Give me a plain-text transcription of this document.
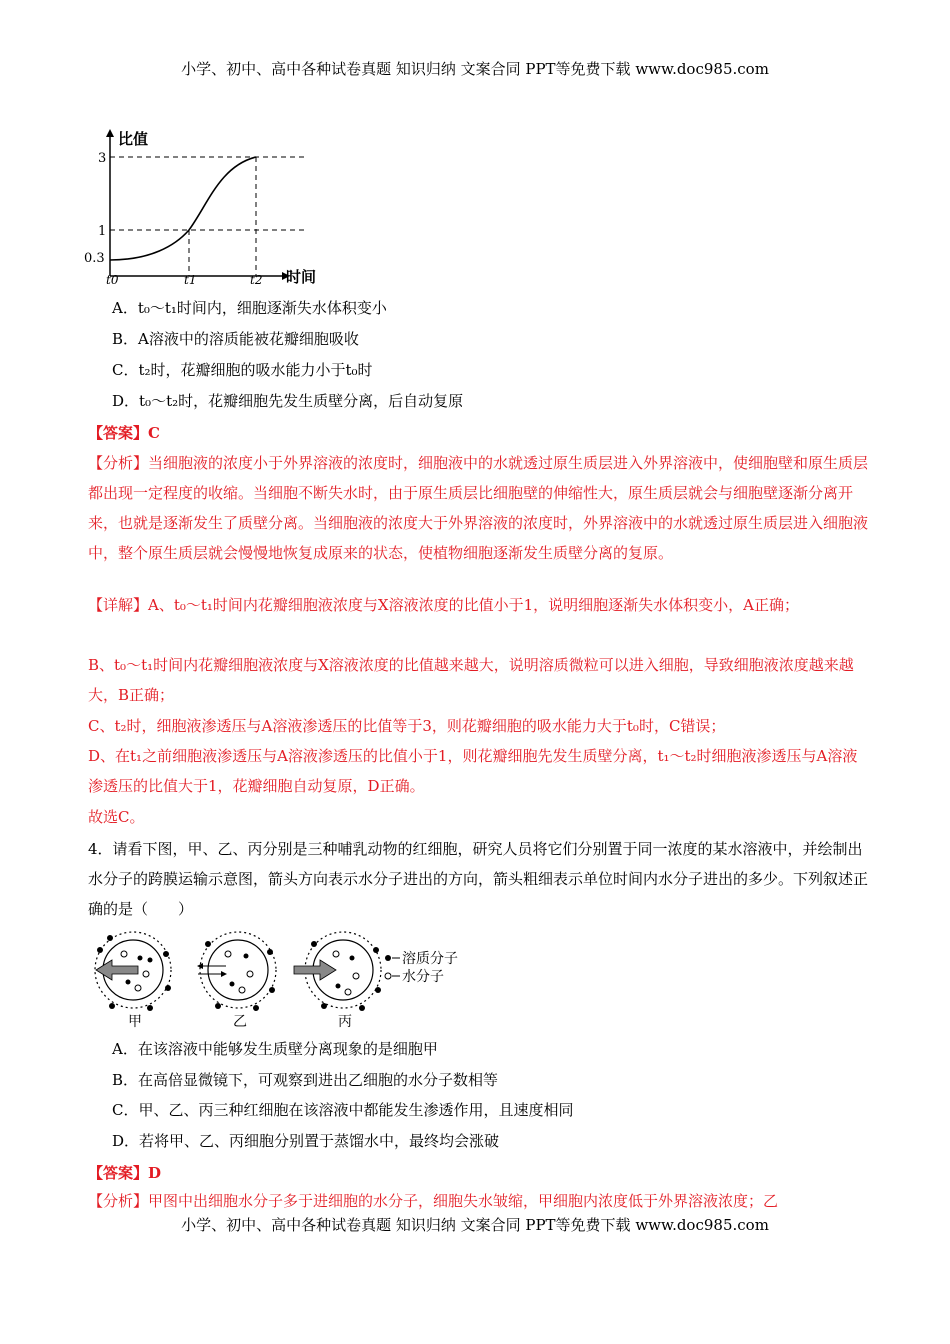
小学、初中、高中各种试卷真题 知识归纳 文案合同 PPT等免费下载 www.doc985.com
比值
时间
3
1
0.3
t0	t1	t2
A．t₀～t₁时间内，细胞逐渐失水体积变小
B．A溶液中的溶质能被花瓣细胞吸收
C．t₂时，花瓣细胞的吸水能力小于t₀时
D．t₀～t₂时，花瓣细胞先发生质壁分离，后自动复原
【答案】C
【分析】当细胞液的浓度小于外界溶液的浓度时，细胞液中的水就透过原生质层进入外界溶液中，使细胞壁和原生质层都出现一定程度的收缩。当细胞不断失水时，由于原生质层比细胞壁的伸缩性大，原生质层就会与细胞壁逐渐分离开来，也就是逐渐发生了质壁分离。当细胞液的浓度大于外界溶液的浓度时，外界溶液中的水就透过原生质层进入细胞液中，整个原生质层就会慢慢地恢复成原来的状态，使植物细胞逐渐发生质壁分离的复原。
【详解】A、t₀～t₁时间内花瓣细胞液浓度与X溶液浓度的比值小于1，说明细胞逐渐失水体积变小，A正确；
B、t₀～t₁时间内花瓣细胞液浓度与X溶液浓度的比值越来越大，说明溶质微粒可以进入细胞，导致细胞液浓度越来越大，B正确；
C、t₂时，细胞液渗透压与A溶液渗透压的比值等于3，则花瓣细胞的吸水能力大于t₀时，C错误；
D、在t₁之前细胞液渗透压与A溶液渗透压的比值小于1，则花瓣细胞先发生质壁分离，t₁～t₂时细胞液渗透压与A溶液渗透压的比值大于1，花瓣细胞自动复原，D正确。
故选C。
4．请看下图，甲、乙、丙分别是三种哺乳动物的红细胞，研究人员将它们分别置于同一浓度的某水溶液中，并绘制出水分子的跨膜运输示意图，箭头方向表示水分子进出的方向，箭头粗细表示单位时间内水分子进出的多少。下列叙述正确的是（　　）
溶质分子
水分子
甲	乙	丙
A．在该溶液中能够发生质壁分离现象的是细胞甲
B．在高倍显微镜下，可观察到进出乙细胞的水分子数相等
C．甲、乙、丙三种红细胞在该溶液中都能发生渗透作用，且速度相同
D．若将甲、乙、丙细胞分别置于蒸馏水中，最终均会涨破
【答案】D
【分析】甲图中出细胞水分子多于进细胞的水分子，细胞失水皱缩，甲细胞内浓度低于外界溶液浓度；乙
小学、初中、高中各种试卷真题 知识归纳 文案合同 PPT等免费下载 www.doc985.com
